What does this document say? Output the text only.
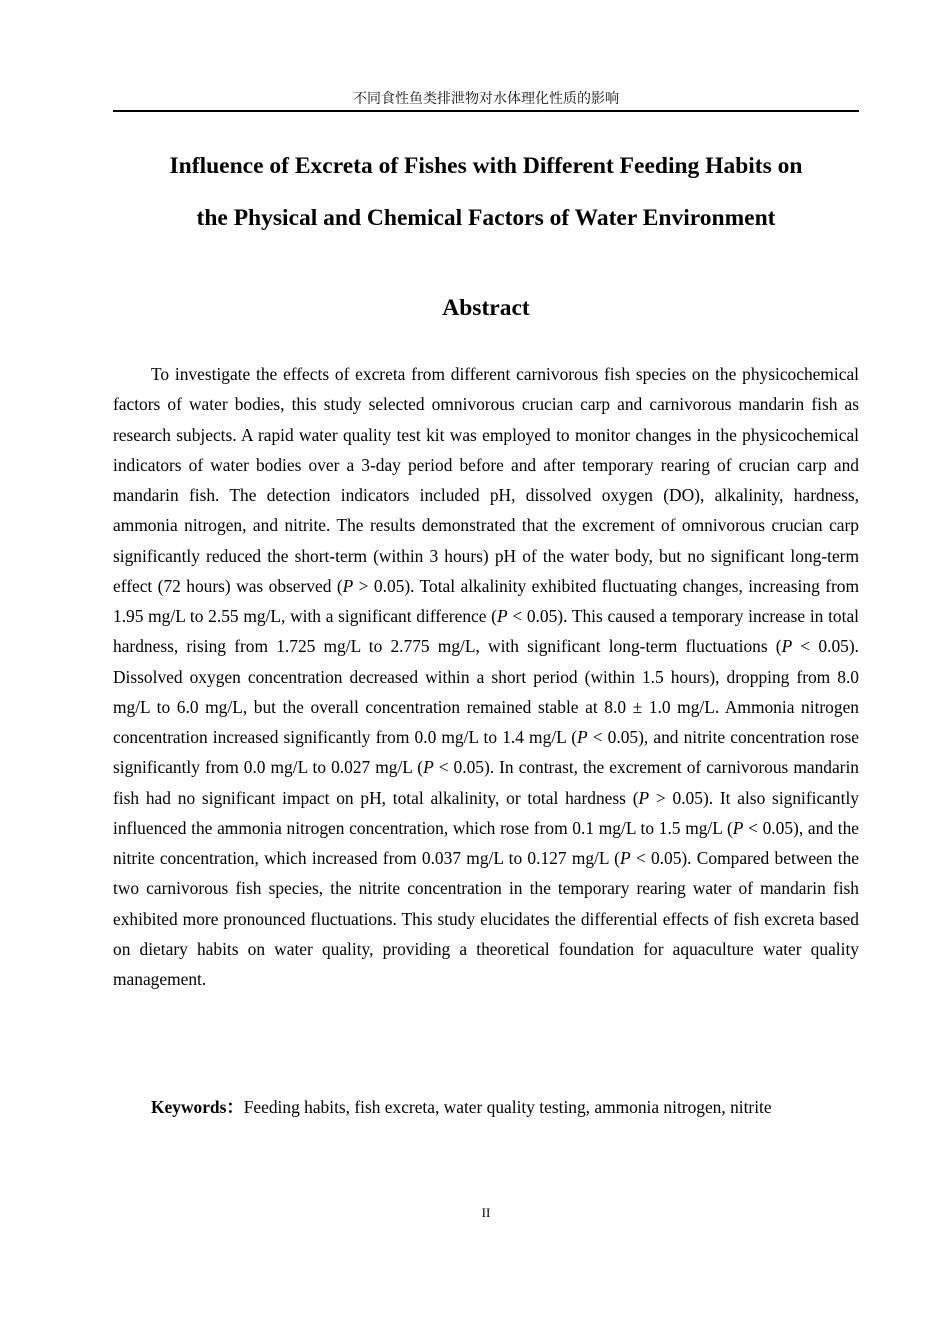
不同食性鱼类排泄物对水体理化性质的影响
Influence of Excreta of Fishes with Different Feeding Habits on
the Physical and Chemical Factors of Water Environment
Abstract

To investigate the effects of excreta from different carnivorous fish species on the physicochemical factors of water bodies, this study selected omnivorous crucian carp and carnivorous mandarin fish as research subjects. A rapid water quality test kit was employed to monitor changes in the physicochemical indicators of water bodies over a 3-day period before and after temporary rearing of crucian carp and mandarin fish. The detection indicators included pH, dissolved oxygen (DO), alkalinity, hardness, ammonia nitrogen, and nitrite. The results demonstrated that the excrement of omnivorous crucian carp significantly reduced the short-term (within 3 hours) pH of the water body, but no significant long-term effect (72 hours) was observed (P > 0.05). Total alkalinity exhibited fluctuating changes, increasing from 1.95 mg/L to 2.55 mg/L, with a significant difference (P < 0.05). This caused a temporary increase in total hardness, rising from 1.725 mg/L to 2.775 mg/L, with significant long-term fluctuations (P < 0.05). Dissolved oxygen concentration decreased within a short period (within 1.5 hours), dropping from 8.0 mg/L to 6.0 mg/L, but the overall concentration remained stable at 8.0 ± 1.0 mg/L. Ammonia nitrogen concentration increased significantly from 0.0 mg/L to 1.4 mg/L (P < 0.05), and nitrite concentration rose significantly from 0.0 mg/L to 0.027 mg/L (P < 0.05). In contrast, the excrement of carnivorous mandarin fish had no significant impact on pH, total alkalinity, or total hardness (P > 0.05). It also significantly influenced the ammonia nitrogen concentration, which rose from 0.1 mg/L to 1.5 mg/L (P < 0.05), and the nitrite concentration, which increased from 0.037 mg/L to 0.127 mg/L (P < 0.05). Compared between the two carnivorous fish species, the nitrite concentration in the temporary rearing water of mandarin fish exhibited more pronounced fluctuations. This study elucidates the differential effects of fish excreta based on dietary habits on water quality, providing a theoretical foundation for aquaculture water quality management.

Keywords：Feeding habits, fish excreta, water quality testing, ammonia nitrogen, nitrite

II
